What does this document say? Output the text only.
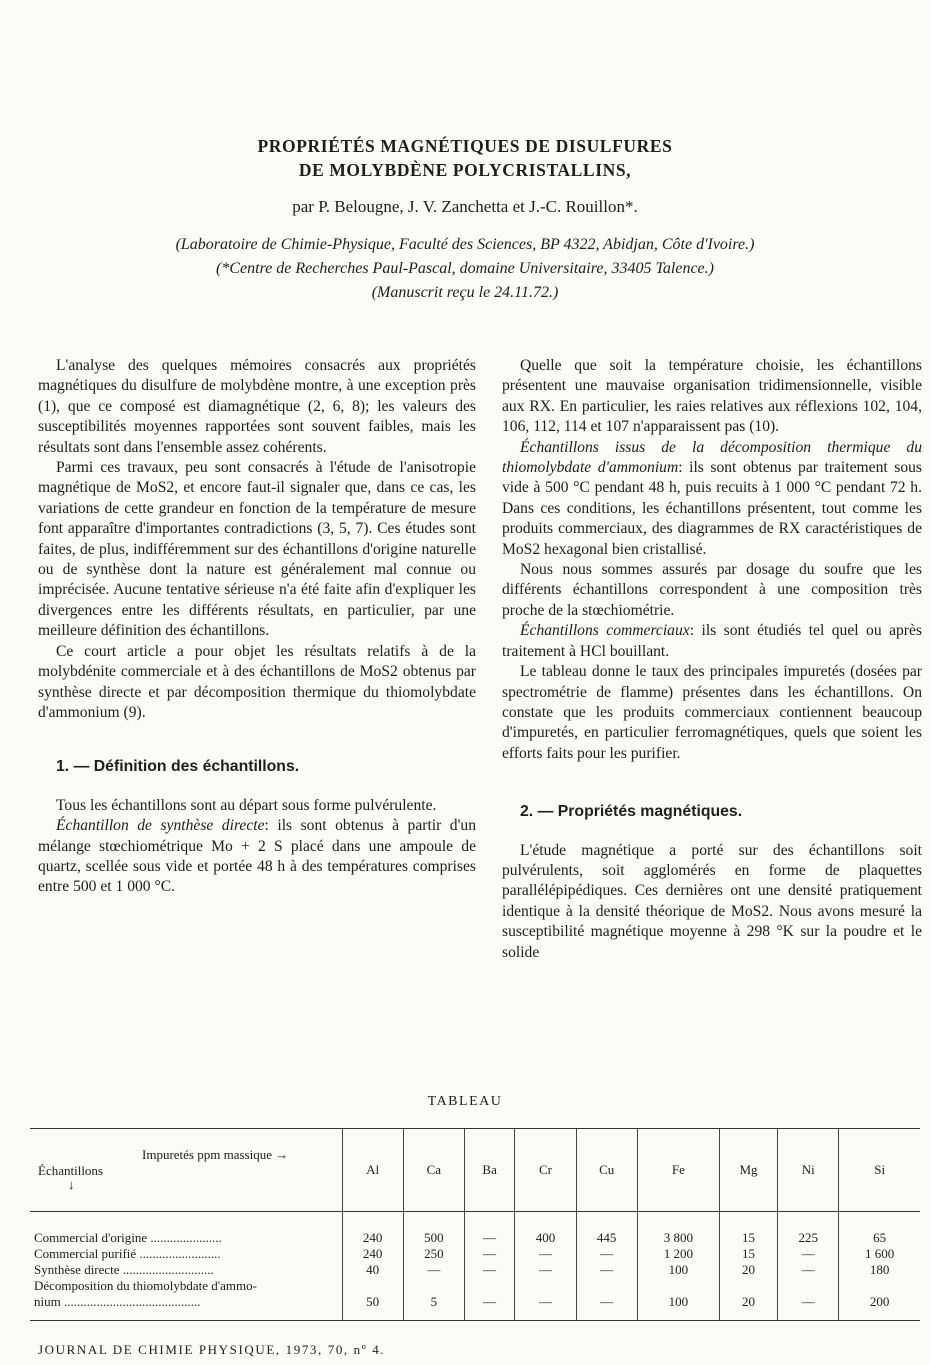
PROPRIÉTÉS MAGNÉTIQUES DE DISULFURES
DE MOLYBDÈNE POLYCRISTALLINS,
par P. Belougne, J. V. Zanchetta et J.-C. Rouillon*.
(Laboratoire de Chimie-Physique, Faculté des Sciences, BP 4322, Abidjan, Côte d'Ivoire.)
(*Centre de Recherches Paul-Pascal, domaine Universitaire, 33405 Talence.)
(Manuscrit reçu le 24.11.72.)

L'analyse des quelques mémoires consacrés aux propriétés magnétiques du disulfure de molybdène montre, à une exception près (1), que ce composé est diamagnétique (2, 6, 8); les valeurs des susceptibilités moyennes rapportées sont souvent faibles, mais les résultats sont dans l'ensemble assez cohérents.

Parmi ces travaux, peu sont consacrés à l'étude de l'anisotropie magnétique de MoS2, et encore faut-il signaler que, dans ce cas, les variations de cette grandeur en fonction de la température de mesure font apparaître d'importantes contradictions (3, 5, 7). Ces études sont faites, de plus, indifféremment sur des échantillons d'origine naturelle ou de synthèse dont la nature est généralement mal connue ou imprécisée. Aucune tentative sérieuse n'a été faite afin d'expliquer les divergences entre les différents résultats, en particulier, par une meilleure définition des échantillons.

Ce court article a pour objet les résultats relatifs à de la molybdénite commerciale et à des échantillons de MoS2 obtenus par synthèse directe et par décomposition thermique du thiomolybdate d'ammonium (9).

1. — Définition des échantillons.

Tous les échantillons sont au départ sous forme pulvérulente.

Échantillon de synthèse directe: ils sont obtenus à partir d'un mélange stœchiométrique Mo + 2 S placé dans une ampoule de quartz, scellée sous vide et portée 48 h à des températures comprises entre 500 et 1 000 °C.

Quelle que soit la température choisie, les échantillons présentent une mauvaise organisation tridimensionnelle, visible aux RX. En particulier, les raies relatives aux réflexions 102, 104, 106, 112, 114 et 107 n'apparaissent pas (10).

Échantillons issus de la décomposition thermique du thiomolybdate d'ammonium: ils sont obtenus par traitement sous vide à 500 °C pendant 48 h, puis recuits à 1 000 °C pendant 72 h. Dans ces conditions, les échantillons présentent, tout comme les produits commerciaux, des diagrammes de RX caractéristiques de MoS2 hexagonal bien cristallisé.

Nous nous sommes assurés par dosage du soufre que les différents échantillons correspondent à une composition très proche de la stœchiométrie.

Échantillons commerciaux: ils sont étudiés tel quel ou après traitement à HCl bouillant.

Le tableau donne le taux des principales impuretés (dosées par spectrométrie de flamme) présentes dans les échantillons. On constate que les produits commerciaux contiennent beaucoup d'impuretés, en particulier ferromagnétiques, quels que soient les efforts faits pour les purifier.

2. — Propriétés magnétiques.

L'étude magnétique a porté sur des échantillons soit pulvérulents, soit agglomérés en forme de plaquettes parallélépipédiques. Ces dernières ont une densité pratiquement identique à la densité théorique de MoS2. Nous avons mesuré la susceptibilité magnétique moyenne à 298 °K sur la poudre et le solide

TABLEAU
Impuretés ppm massique →
Échantillons
↓	Al	Ca	Ba	Cr	Cu	Fe	Mg	Ni	Si
Commercial d'origine ......................	240	500	—	400	445	3 800	15	225	65
Commercial purifié .........................	240	250	—	—	—	1 200	15	—	1 600
Synthèse directe ............................	40	—	—	—	—	100	20	—	180
Décomposition du thiomolybdate d'ammo-									
nium ..........................................	50	5	—	—	—	100	20	—	200
JOURNAL DE CHIMIE PHYSIQUE, 1973, 70, nº 4.
